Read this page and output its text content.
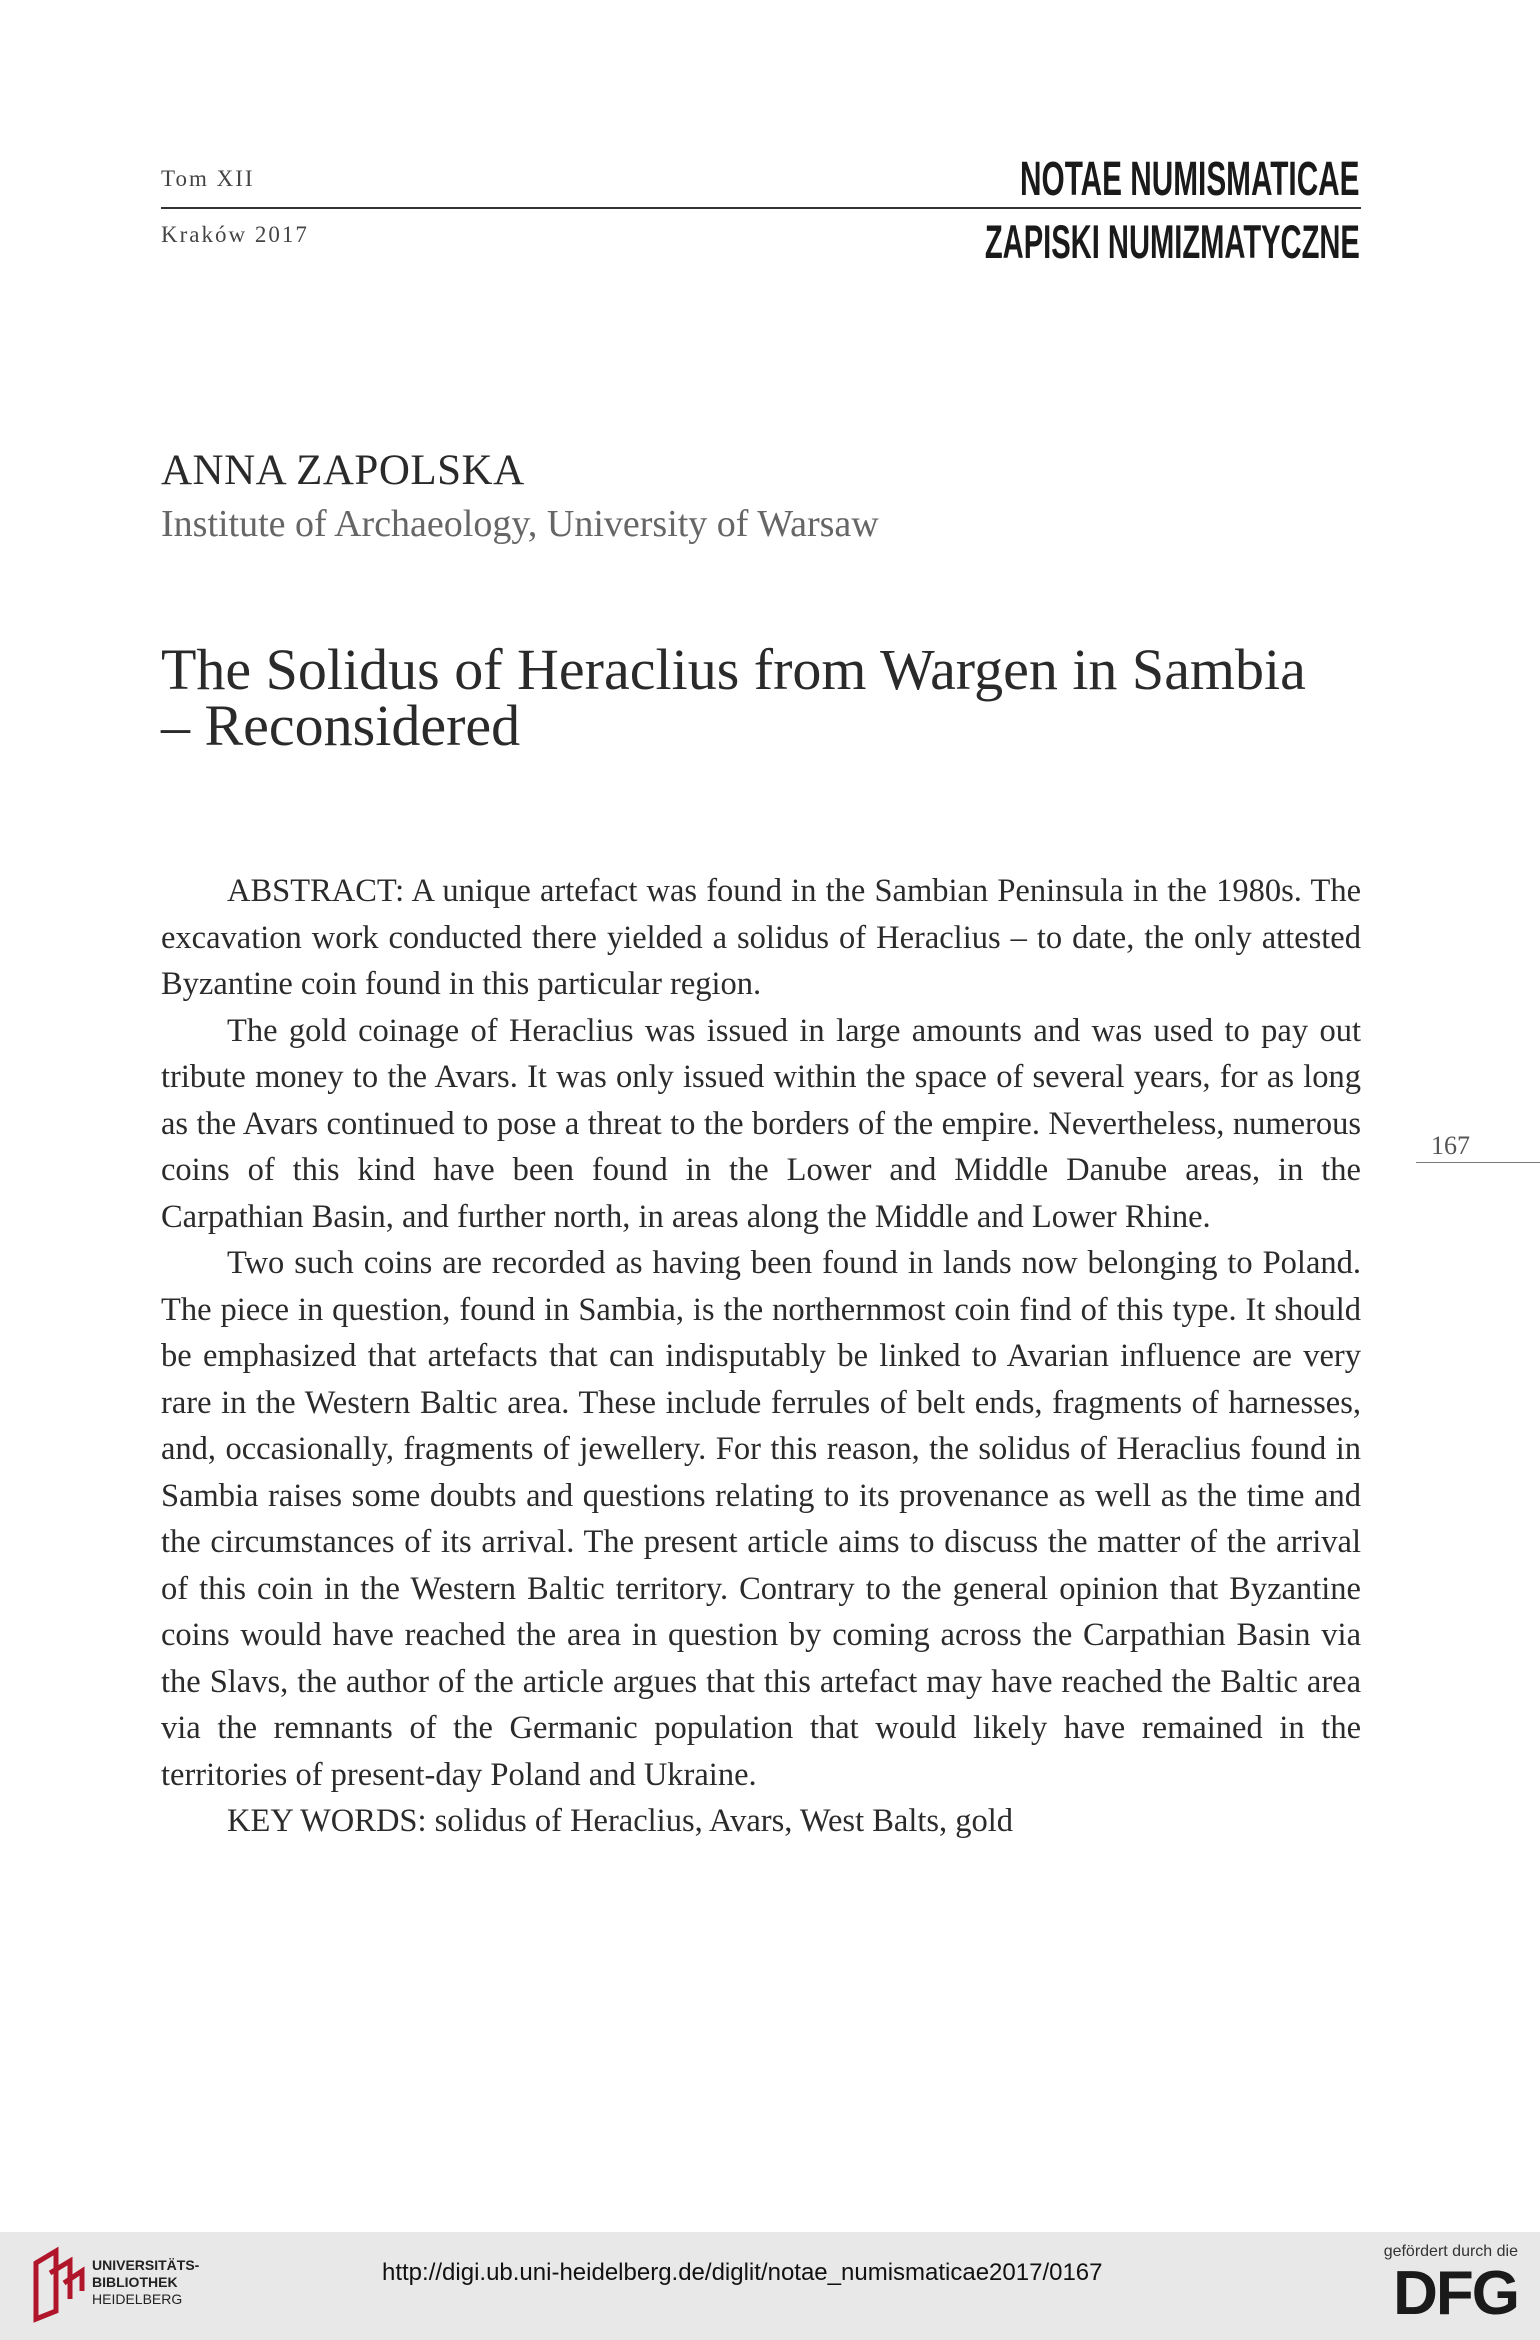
Tom XII
Kraków 2017
NOTAE NUMISMATICAE
ZAPISKI NUMIZMATYCZNE
ANNA ZAPOLSKA
Institute of Archaeology, University of Warsaw
The Solidus of Heraclius from Wargen in Sambia
– Reconsidered

ABSTRACT: A unique artefact was found in the Sambian Peninsula in the 1980s. The excavation work conducted there yielded a solidus of Heraclius – to date, the only attested Byzantine coin found in this particular region.

The gold coinage of Heraclius was issued in large amounts and was used to pay out tribute money to the Avars. It was only issued within the space of several years, for as long as the Avars continued to pose a threat to the borders of the empire. Nevertheless, numerous coins of this kind have been found in the Lower and Middle Danube areas, in the Carpathian Basin, and further north, in areas along the Middle and Lower Rhine.

Two such coins are recorded as having been found in lands now belonging to Poland. The piece in question, found in Sambia, is the northernmost coin find of this type. It should be emphasized that artefacts that can indisputably be linked to Avarian influence are very rare in the Western Baltic area. These include ferrules of belt ends, fragments of harnesses, and, occasionally, fragments of jewellery. For this reason, the solidus of Heraclius found in Sambia raises some doubts and questions relating to its provenance as well as the time and the circumstances of its arrival. The present article aims to discuss the matter of the arrival of this coin in the Western Baltic territory. Contrary to the general opinion that Byzantine coins would have reached the area in question by coming across the Carpathian Basin via the Slavs, the author of the article argues that this artefact may have reached the Baltic area via the remnants of the Germanic population that would likely have remained in the territories of present-day Poland and Ukraine.

KEY WORDS: solidus of Heraclius, Avars, West Balts, gold

167
UNIVERSITÄTS-
BIBLIOTHEK
HEIDELBERG
http://digi.ub.uni-heidelberg.de/diglit/notae_numismaticae2017/0167
gefördert durch die
DFG
